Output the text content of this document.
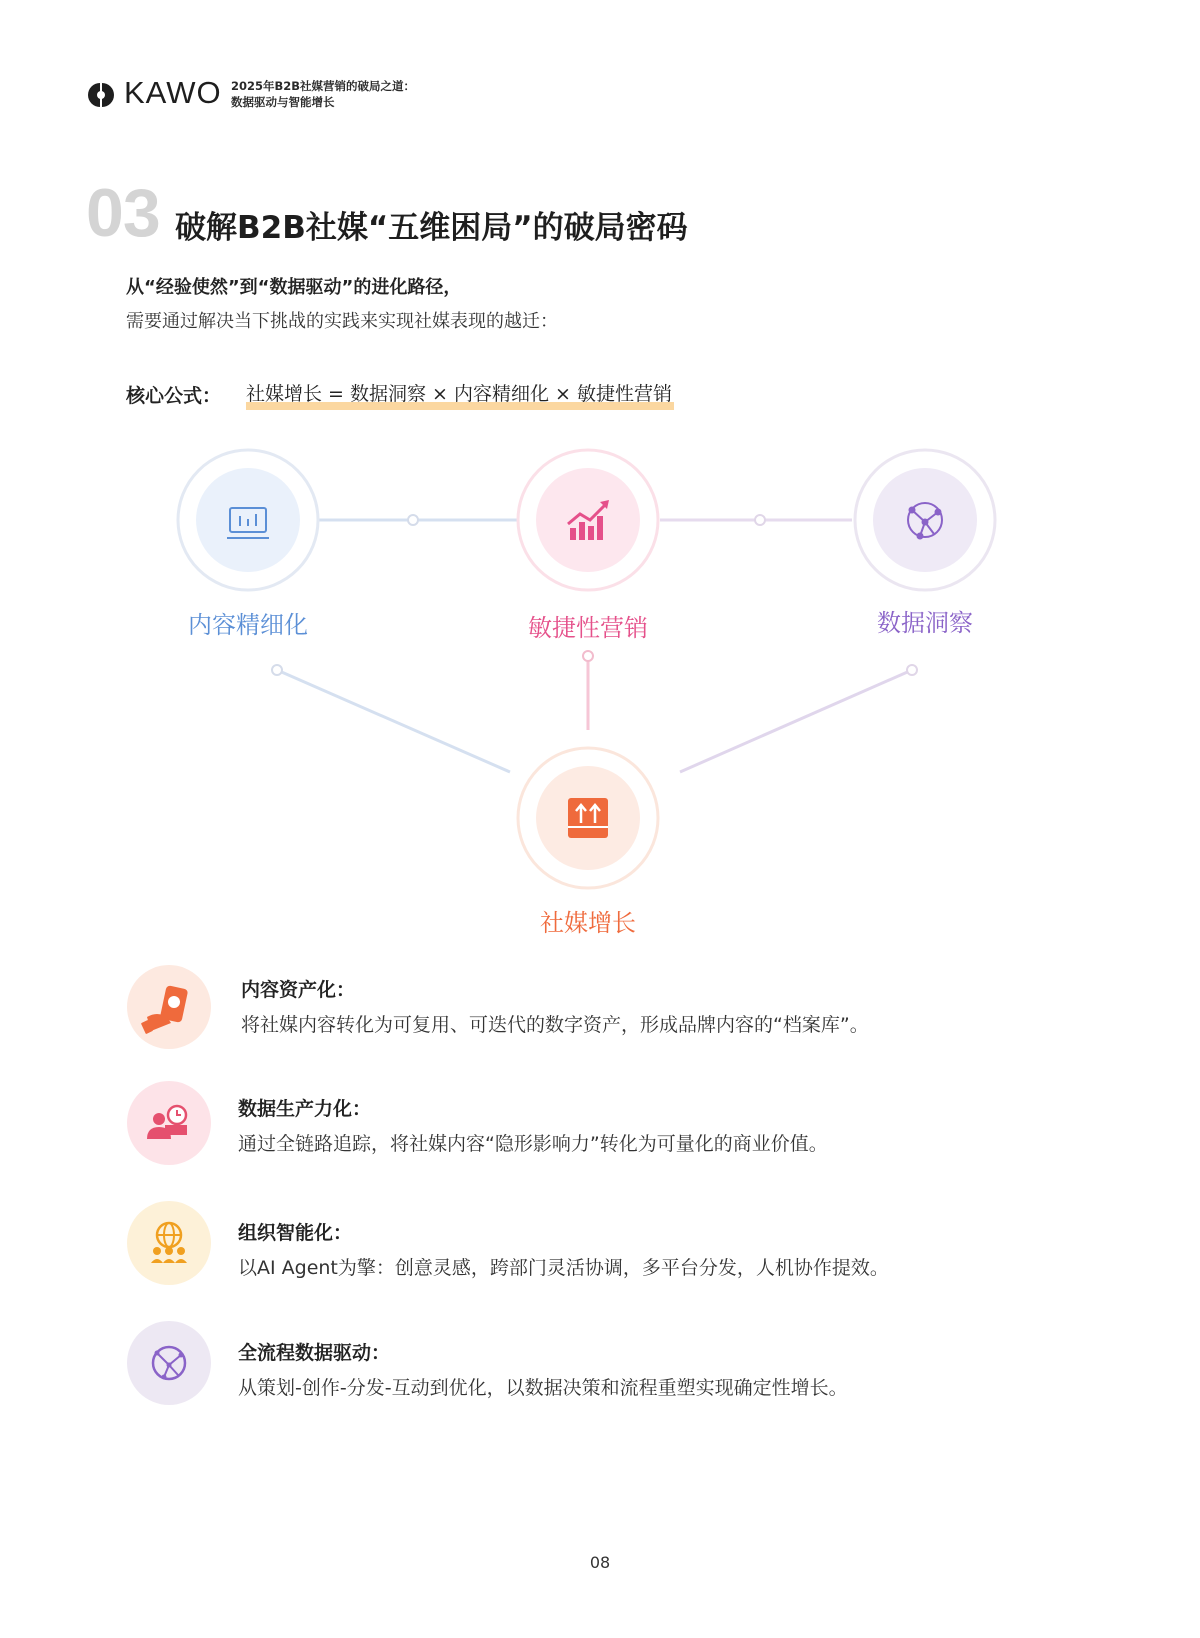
KAWO 2025年B2B社媒营销的破局之道：
数据驱动与智能增长
03 破解B2B社媒“五维困局”的破局密码
从“经验使然”到“数据驱动”的进化路径，
需要通过解决当下挑战的实践来实现社媒表现的越迁：
核心公式： 社媒增长 = 数据洞察 × 内容精细化 × 敏捷性营销
内容精细化	敏捷性营销	数据洞察
社媒增长
内容资产化：
将社媒内容转化为可复用、可迭代的数字资产，形成品牌内容的“档案库”。
数据生产力化：
通过全链路追踪，将社媒内容“隐形影响力”转化为可量化的商业价值。
组织智能化：
以AI Agent为擎：创意灵感，跨部门灵活协调，多平台分发，人机协作提效。
全流程数据驱动：
从策划-创作-分发-互动到优化，以数据决策和流程重塑实现确定性增长。
08
